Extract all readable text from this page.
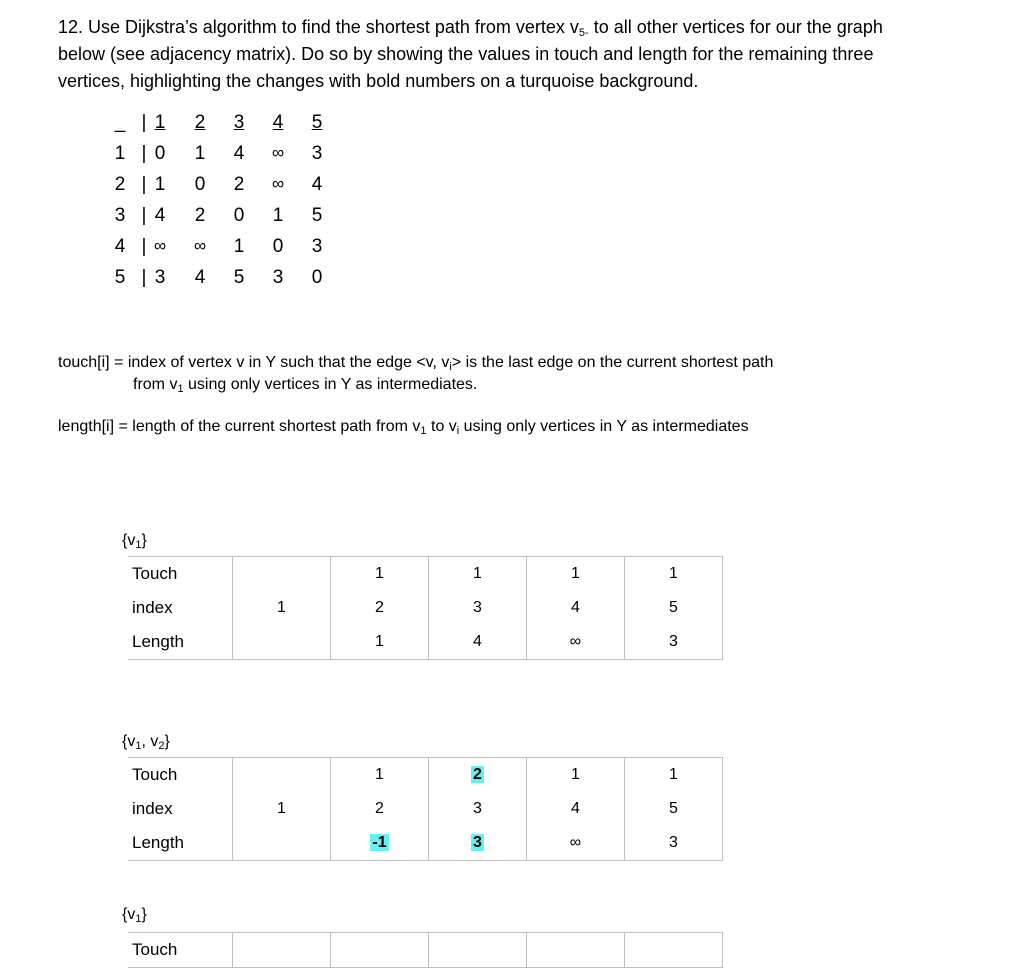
12. Use Dijkstra’s algorithm to find the shortest path from vertex $v_{5-}$ to all other vertices for our the graph

below (see adjacency matrix). Do so by showing the values in touch and length for the remaining three

vertices, highlighting the changes with bold numbers on a turquoise background.

_ | 1	2	3	4	5
1 | 0	1	4	∞	3
2 | 1	0	2	∞	4
3 | 4	2	0	1	5
4 | ∞	∞	1	0	3
5 | 3	4	5	3	0
touch[i] = index of vertex v in Y such that the edge <v, $v_i>$ is the last edge on the current shortest path
from $v_1$ using only vertices in Y as intermediates.
length[i] = length of the current shortest path from $v_1$ to $v_i$ using only vertices in Y as intermediates
$\{v_1\}$
Touch		1	1	1	1
index	1	2	3	4	5
Length		1	4	∞	3
{$v_1$, $v_2$}
Touch		1	2	1	1
index	1	2	3	4	5
Length		-1	3	∞	3
$\{v_1\}$
Touch					
